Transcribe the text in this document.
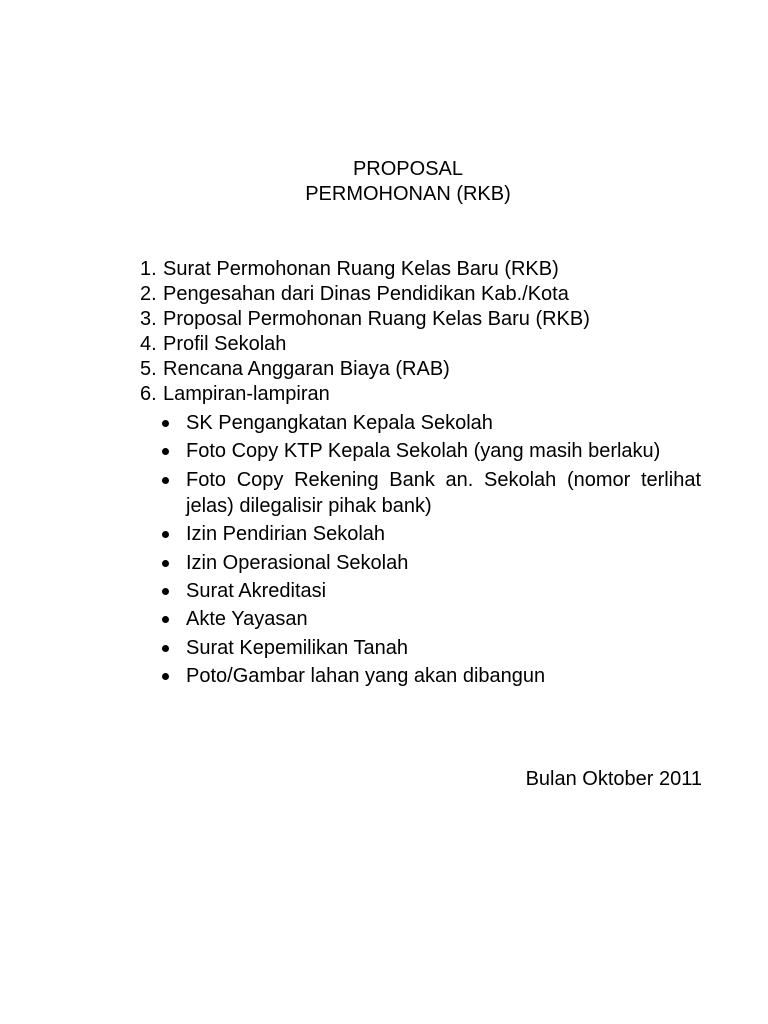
PROPOSAL
PERMOHONAN (RKB)
1. Surat Permohonan Ruang Kelas Baru (RKB)
2. Pengesahan dari Dinas Pendidikan Kab./Kota
3. Proposal Permohonan Ruang Kelas Baru (RKB)
4. Profil Sekolah
5. Rencana Anggaran Biaya (RAB)
6. Lampiran-lampiran
SK Pengangkatan Kepala Sekolah
Foto Copy KTP Kepala Sekolah (yang masih berlaku)
Foto Copy Rekening Bank an. Sekolah (nomor terlihat jelas) dilegalisir pihak bank)
Izin Pendirian Sekolah
Izin Operasional Sekolah
Surat Akreditasi
Akte Yayasan
Surat Kepemilikan Tanah
Poto/Gambar lahan yang akan dibangun
Bulan Oktober 2011
